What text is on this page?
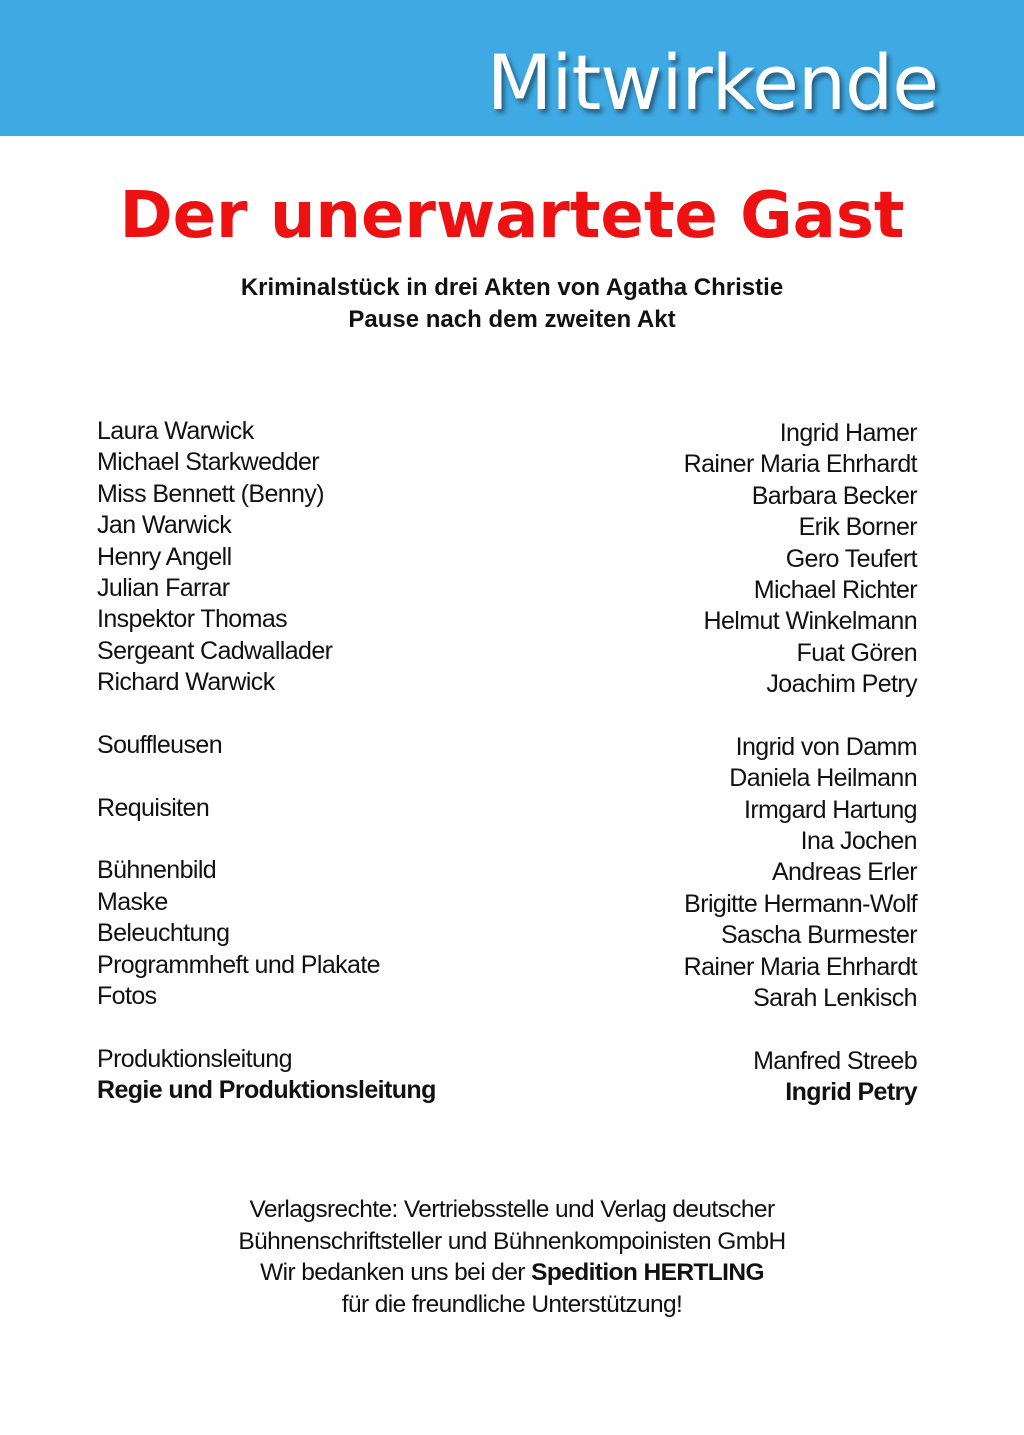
Mitwirkende
Der unerwartete Gast
Kriminalstück in drei Akten von Agatha Christie
Pause nach dem zweiten Akt
Laura Warwick	Ingrid Hamer
Michael Starkwedder	Rainer Maria Ehrhardt
Miss Bennett (Benny)	Barbara Becker
Jan Warwick	Erik Borner
Henry Angell	Gero Teufert
Julian Farrar	Michael Richter
Inspektor Thomas	Helmut Winkelmann
Sergeant Cadwallader	Fuat Gören
Richard Warwick	Joachim Petry
Souffleusen	Ingrid von Damm
Daniela Heilmann
Requisiten	Irmgard Hartung
Ina Jochen
Bühnenbild	Andreas Erler
Maske	Brigitte Hermann-Wolf
Beleuchtung	Sascha Burmester
Programmheft und Plakate	Rainer Maria Ehrhardt
Fotos	Sarah Lenkisch
Produktionsleitung	Manfred Streeb
Regie und Produktionsleitung	Ingrid Petry
Verlagsrechte: Vertriebsstelle und Verlag deutscher
Bühnenschriftsteller und Bühnenkompoinisten GmbH
Wir bedanken uns bei der Spedition HERTLING
für die freundliche Unterstützung!
